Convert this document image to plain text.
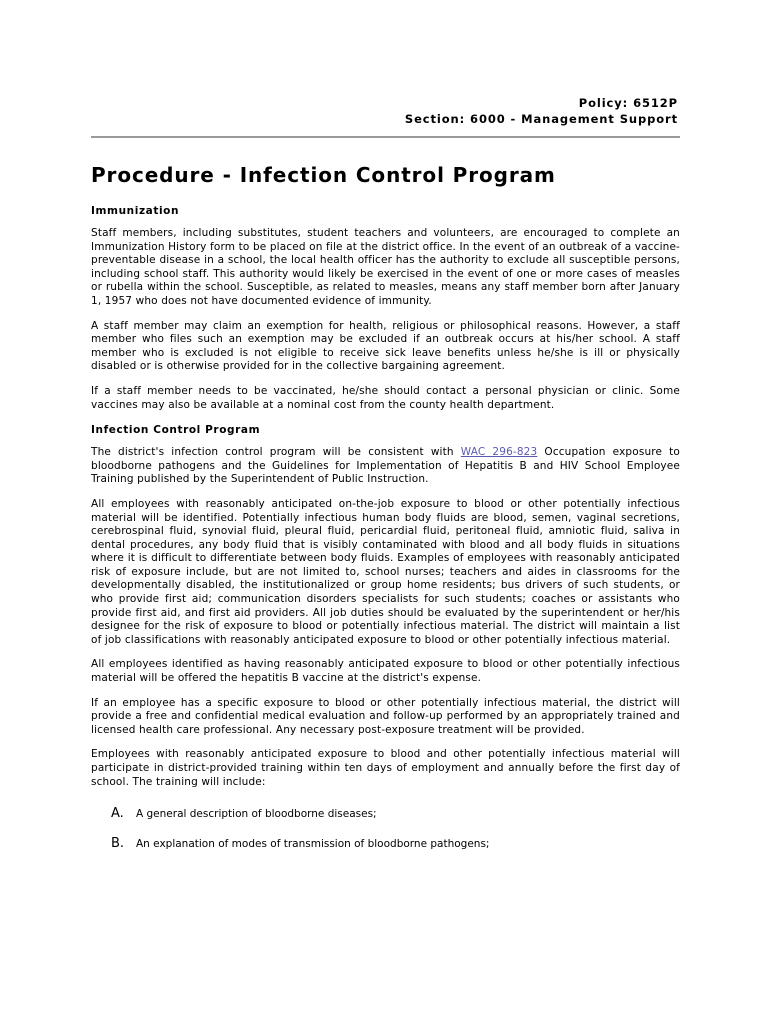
Policy: 6512P
Section: 6000 - Management Support
Procedure - Infection Control Program
Immunization

Staff members, including substitutes, student teachers and volunteers, are encouraged to complete an Immunization History form to be placed on file at the district office. In the event of an outbreak of a vaccine-preventable disease in a school, the local health officer has the authority to exclude all susceptible persons, including school staff. This authority would likely be exercised in the event of one or more cases of measles or rubella within the school. Susceptible, as related to measles, means any staff member born after January 1, 1957 who does not have documented evidence of immunity.

A staff member may claim an exemption for health, religious or philosophical reasons. However, a staff member who files such an exemption may be excluded if an outbreak occurs at his/her school. A staff member who is excluded is not eligible to receive sick leave benefits unless he/she is ill or physically disabled or is otherwise provided for in the collective bargaining agreement.

If a staff member needs to be vaccinated, he/she should contact a personal physician or clinic. Some vaccines may also be available at a nominal cost from the county health department.

Infection Control Program

The district's infection control program will be consistent with WAC 296-823 Occupation exposure to bloodborne pathogens and the Guidelines for Implementation of Hepatitis B and HIV School Employee Training published by the Superintendent of Public Instruction.

All employees with reasonably anticipated on-the-job exposure to blood or other potentially infectious material will be identified. Potentially infectious human body fluids are blood, semen, vaginal secretions, cerebrospinal fluid, synovial fluid, pleural fluid, pericardial fluid, peritoneal fluid, amniotic fluid, saliva in dental procedures, any body fluid that is visibly contaminated with blood and all body fluids in situations where it is difficult to differentiate between body fluids. Examples of employees with reasonably anticipated risk of exposure include, but are not limited to, school nurses; teachers and aides in classrooms for the developmentally disabled, the institutionalized or group home residents; bus drivers of such students, or who provide first aid; communication disorders specialists for such students; coaches or assistants who provide first aid, and first aid providers. All job duties should be evaluated by the superintendent or her/his designee for the risk of exposure to blood or potentially infectious material. The district will maintain a list of job classifications with reasonably anticipated exposure to blood or other potentially infectious material.

All employees identified as having reasonably anticipated exposure to blood or other potentially infectious material will be offered the hepatitis B vaccine at the district's expense.

If an employee has a specific exposure to blood or other potentially infectious material, the district will provide a free and confidential medical evaluation and follow-up performed by an appropriately trained and licensed health care professional. Any necessary post-exposure treatment will be provided.

Employees with reasonably anticipated exposure to blood and other potentially infectious material will participate in district-provided training within ten days of employment and annually before the first day of school. The training will include:

A.	A general description of bloodborne diseases;
B.	An explanation of modes of transmission of bloodborne pathogens;
